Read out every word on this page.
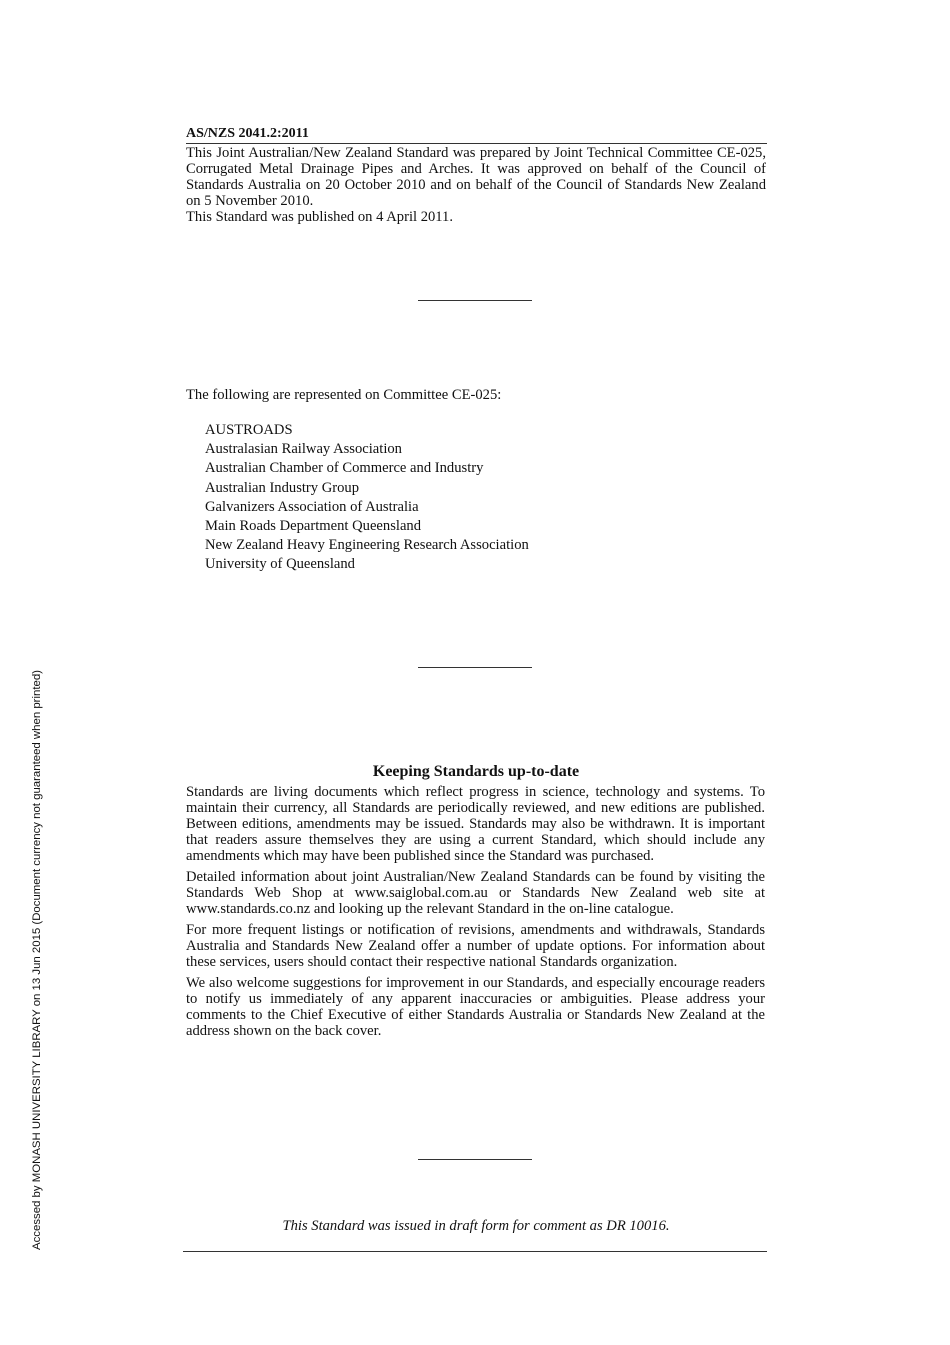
AS/NZS 2041.2:2011

This Joint Australian/New Zealand Standard was prepared by Joint Technical Committee CE-025, Corrugated Metal Drainage Pipes and Arches. It was approved on behalf of the Council of Standards Australia on 20 October 2010 and on behalf of the Council of Standards New Zealand on 5 November 2010.

This Standard was published on 4 April 2011.

The following are represented on Committee CE-025:
AUSTROADS
Australasian Railway Association
Australian Chamber of Commerce and Industry
Australian Industry Group
Galvanizers Association of Australia
Main Roads Department Queensland
New Zealand Heavy Engineering Research Association
University of Queensland
Keeping Standards up-to-date

Standards are living documents which reflect progress in science, technology and systems. To maintain their currency, all Standards are periodically reviewed, and new editions are published. Between editions, amendments may be issued. Standards may also be withdrawn. It is important that readers assure themselves they are using a current Standard, which should include any amendments which may have been published since the Standard was purchased.

Detailed information about joint Australian/New Zealand Standards can be found by visiting the Standards Web Shop at www.saiglobal.com.au or Standards New Zealand web site at www.standards.co.nz and looking up the relevant Standard in the on-line catalogue.

For more frequent listings or notification of revisions, amendments and withdrawals, Standards Australia and Standards New Zealand offer a number of update options. For information about these services, users should contact their respective national Standards organization.

We also welcome suggestions for improvement in our Standards, and especially encourage readers to notify us immediately of any apparent inaccuracies or ambiguities. Please address your comments to the Chief Executive of either Standards Australia or Standards New Zealand at the address shown on the back cover.

This Standard was issued in draft form for comment as DR 10016.
Accessed by MONASH UNIVERSITY LIBRARY on 13 Jun 2015 (Document currency not guaranteed when printed)
